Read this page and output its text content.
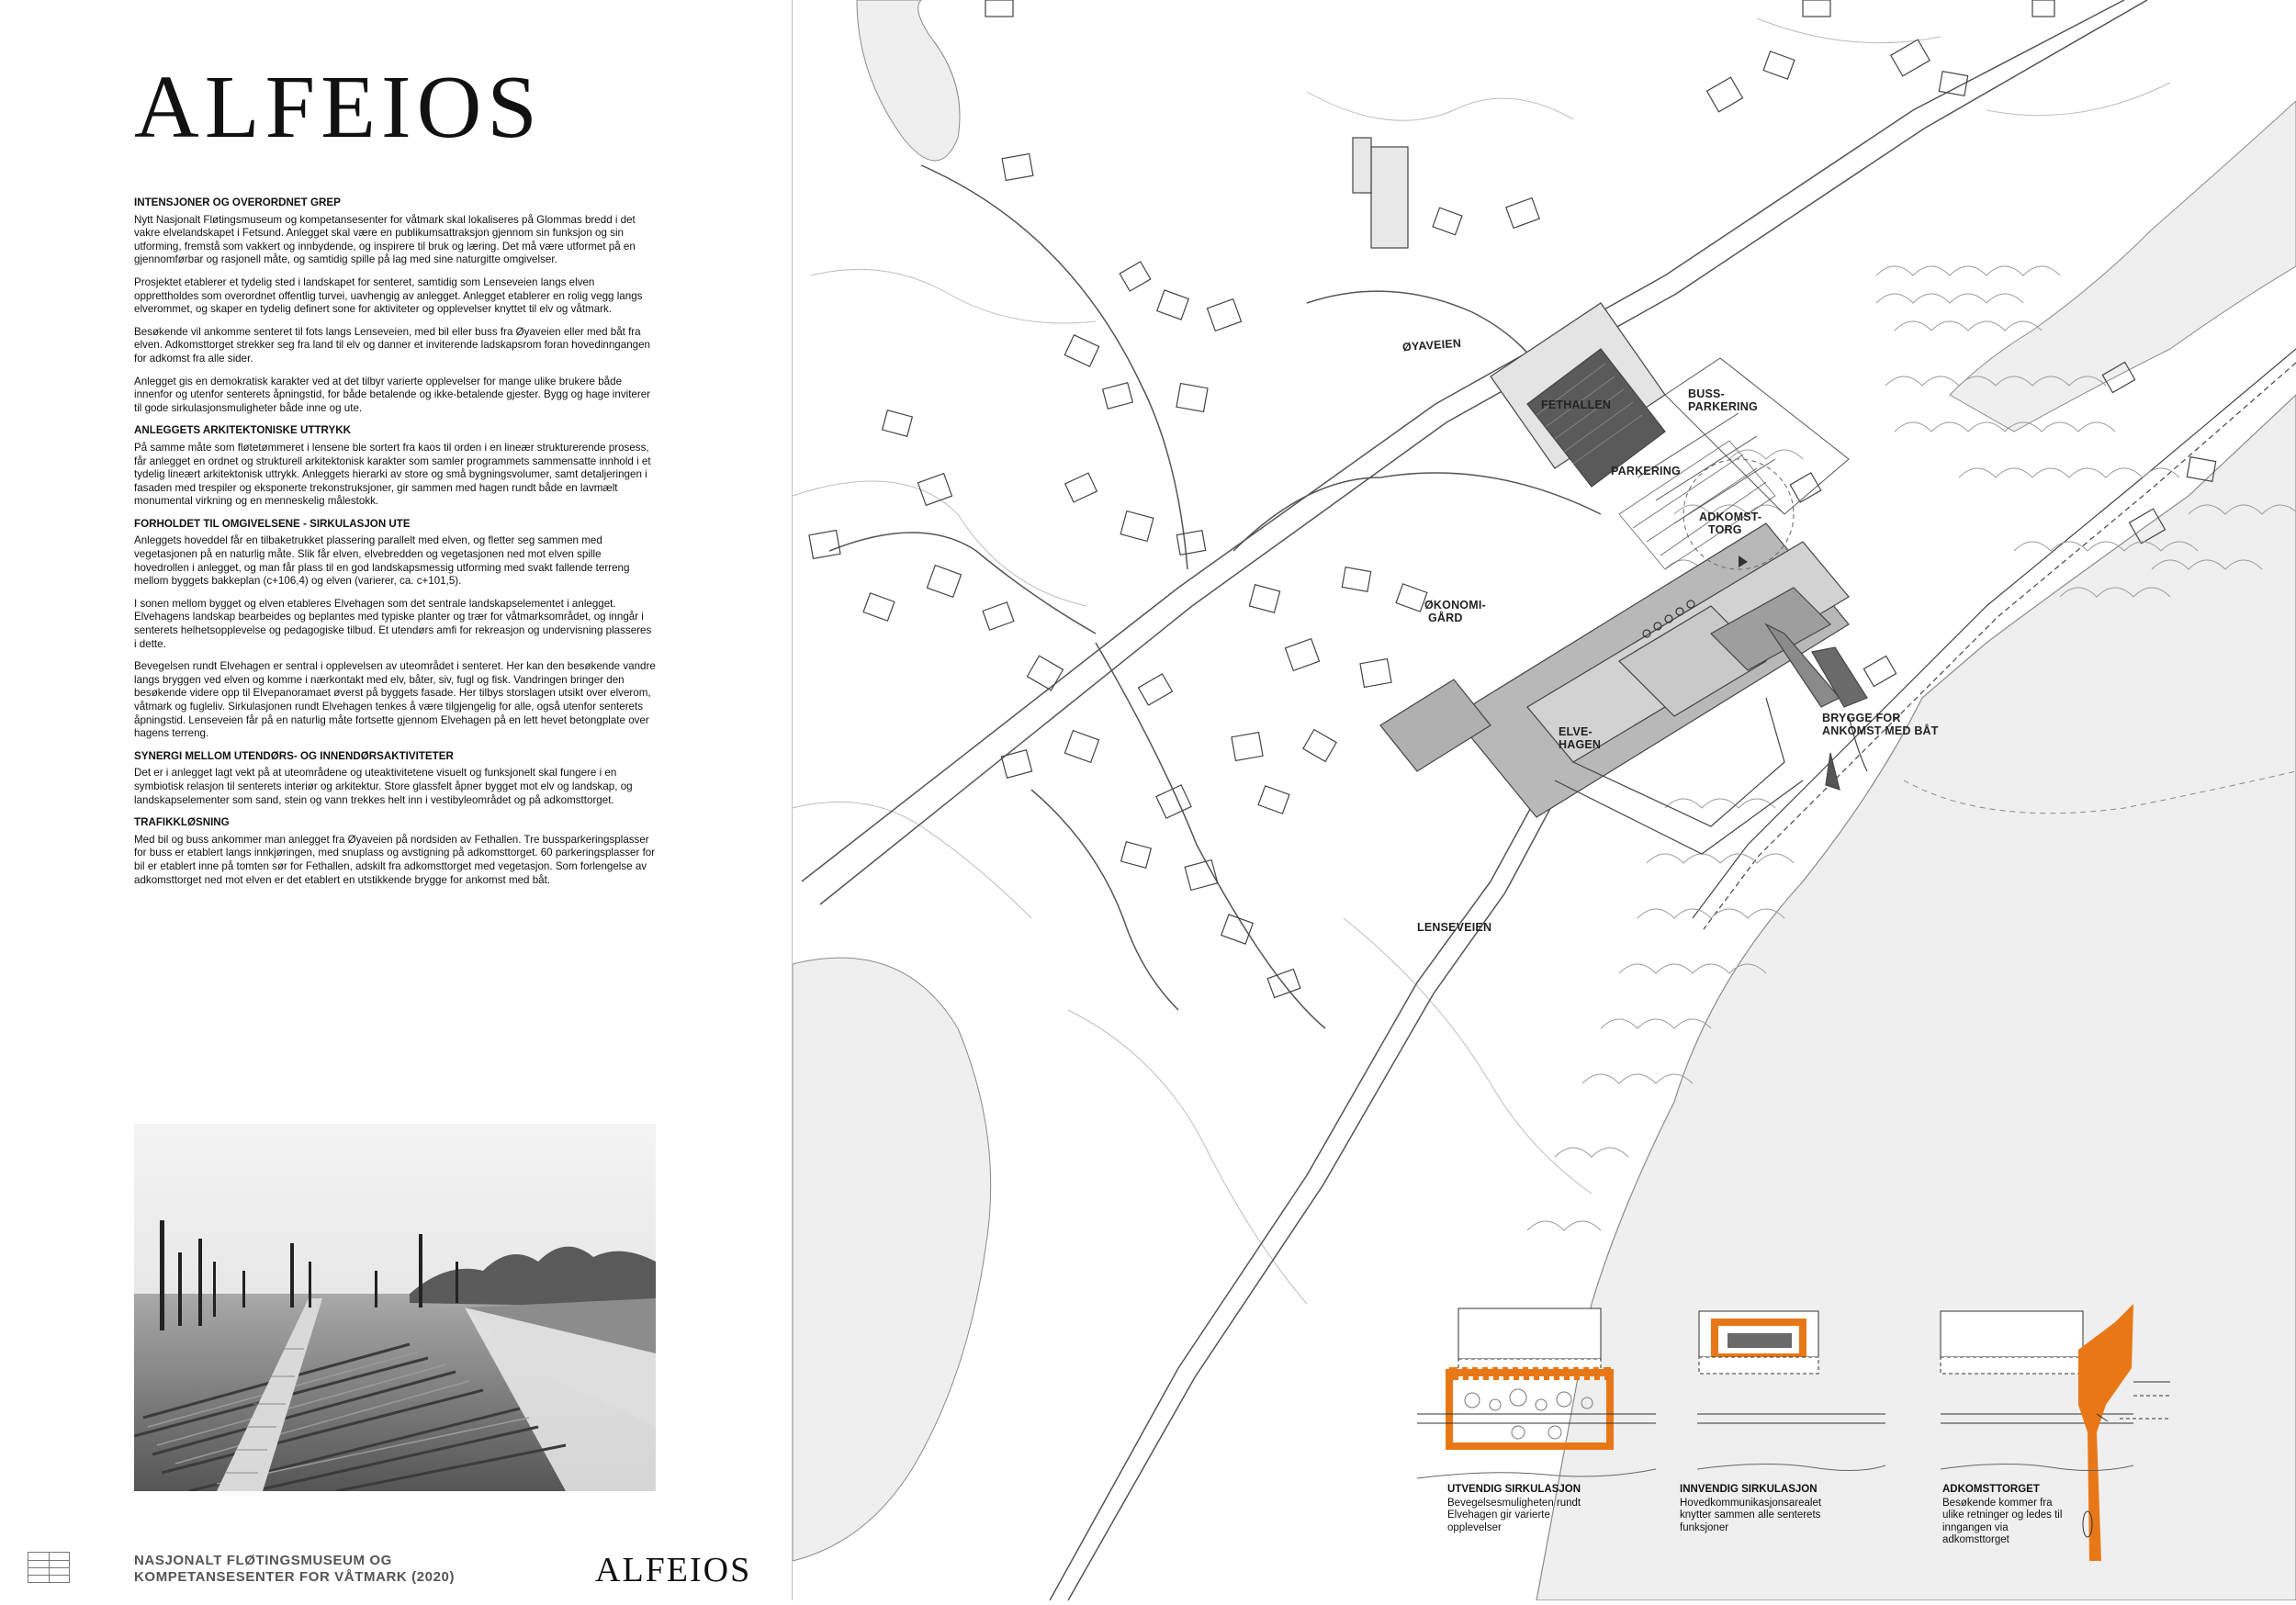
ALFEIOS
INTENSJONER OG OVERORDNET GREP

Nytt Nasjonalt Fløtingsmuseum og kompetansesenter for våtmark skal lokaliseres på Glommas bredd i det vakre elvelandskapet i Fetsund. Anlegget skal være en publikumsattraksjon gjennom sin funksjon og sin utforming, fremstå som vakkert og innbydende, og inspirere til bruk og læring. Det må være utformet på en gjennomførbar og rasjonell måte, og samtidig spille på lag med sine naturgitte omgivelser.

Prosjektet etablerer et tydelig sted i landskapet for senteret, samtidig som Lenseveien langs elven opprettholdes som overordnet offentlig turvei, uavhengig av anlegget. Anlegget etablerer en rolig vegg langs elverommet, og skaper en tydelig definert sone for aktiviteter og opplevelser knyttet til elv og våtmark.

Besøkende vil ankomme senteret til fots langs Lenseveien, med bil eller buss fra Øyaveien eller med båt fra elven. Adkomsttorget strekker seg fra land til elv og danner et inviterende ladskapsrom foran hovedinngangen for adkomst fra alle sider.

Anlegget gis en demokratisk karakter ved at det tilbyr varierte opplevelser for mange ulike brukere både innenfor og utenfor senterets åpningstid, for både betalende og ikke-betalende gjester. Bygg og hage inviterer til gode sirkulasjonsmuligheter både inne og ute.

ANLEGGETS ARKITEKTONISKE UTTRYKK

På samme måte som fløtetømmeret i lensene ble sortert fra kaos til orden i en lineær strukturerende prosess, får anlegget en ordnet og strukturell arkitektonisk karakter som samler programmets sammensatte innhold i et tydelig lineært arkitektonisk uttrykk. Anleggets hierarki av store og små bygningsvolumer, samt detaljeringen i fasaden med trespiler og eksponerte trekonstruksjoner, gir sammen med hagen rundt både en lavmælt monumental virkning og en menneskelig målestokk.

FORHOLDET TIL OMGIVELSENE - SIRKULASJON UTE

Anleggets hoveddel får en tilbaketrukket plassering parallelt med elven, og fletter seg sammen med vegetasjonen på en naturlig måte. Slik får elven, elvebredden og vegetasjonen ned mot elven spille hovedrollen i anlegget, og man får plass til en god landskapsmessig utforming med svakt fallende terreng mellom byggets bakkeplan (c+106,4) og elven (varierer, ca. c+101,5).

I sonen mellom bygget og elven etableres Elvehagen som det sentrale landskapselementet i anlegget. Elvehagens landskap bearbeides og beplantes med typiske planter og trær for våtmarksområdet, og inngår i senterets helhetsopplevelse og pedagogiske tilbud. Et utendørs amfi for rekreasjon og undervisning plasseres i dette.

Bevegelsen rundt Elvehagen er sentral i opplevelsen av uteområdet i senteret. Her kan den besøkende vandre langs bryggen ved elven og komme i nærkontakt med elv, båter, siv, fugl og fisk. Vandringen bringer den besøkende videre opp til Elvepanoramaet øverst på byggets fasade. Her tilbys storslagen utsikt over elverom, våtmark og fugleliv. Sirkulasjonen rundt Elvehagen tenkes å være tilgjengelig for alle, også utenfor senterets åpningstid. Lenseveien får på en naturlig måte fortsette gjennom Elvehagen på en lett hevet betongplate over hagens terreng.

SYNERGI MELLOM UTENDØRS- OG INNENDØRSAKTIVITETER

Det er i anlegget lagt vekt på at uteområdene og uteaktivitetene visuelt og funksjonelt skal fungere i en symbiotisk relasjon til senterets interiør og arkitektur. Store glassfelt åpner bygget mot elv og landskap, og landskapselementer som sand, stein og vann trekkes helt inn i vestibyleområdet og på adkomsttorget.

TRAFIKKLØSNING

Med bil og buss ankommer man anlegget fra Øyaveien på nordsiden av Fethallen. Tre bussparkeringsplasser for buss er etablert langs innkjøringen, med snuplass og avstigning på adkomsttorget. 60 parkeringsplasser for bil er etablert inne på tomten sør for Fethallen, adskilt fra adkomsttorget med vegetasjon. Som forlengelse av adkomsttorget ned mot elven er det etablert en utstikkende brygge for ankomst med båt.

NASJONALT FLØTINGSMUSEUM OG
KOMPETANSESENTER FOR VÅTMARK (2020)	ALFEIOS
ØYAVEIEN
FETHALLEN
BUSS-
PARKERING
PARKERING
ADKOMST-
TORG
ØKONOMI-
GÅRD
ELVE-
HAGEN
BRYGGE FOR
ANKOMST MED BÅT
LENSEVEIEN
UTVENDIG SIRKULASJON
Bevegelsesmuligheten rundt Elvehagen gir varierte opplevelser
INNVENDIG SIRKULASJON
Hovedkommunikasjonsarealet knytter sammen alle senterets funksjoner
ADKOMSTTORGET
Besøkende kommer fra ulike retninger og ledes til inngangen via adkomsttorget
